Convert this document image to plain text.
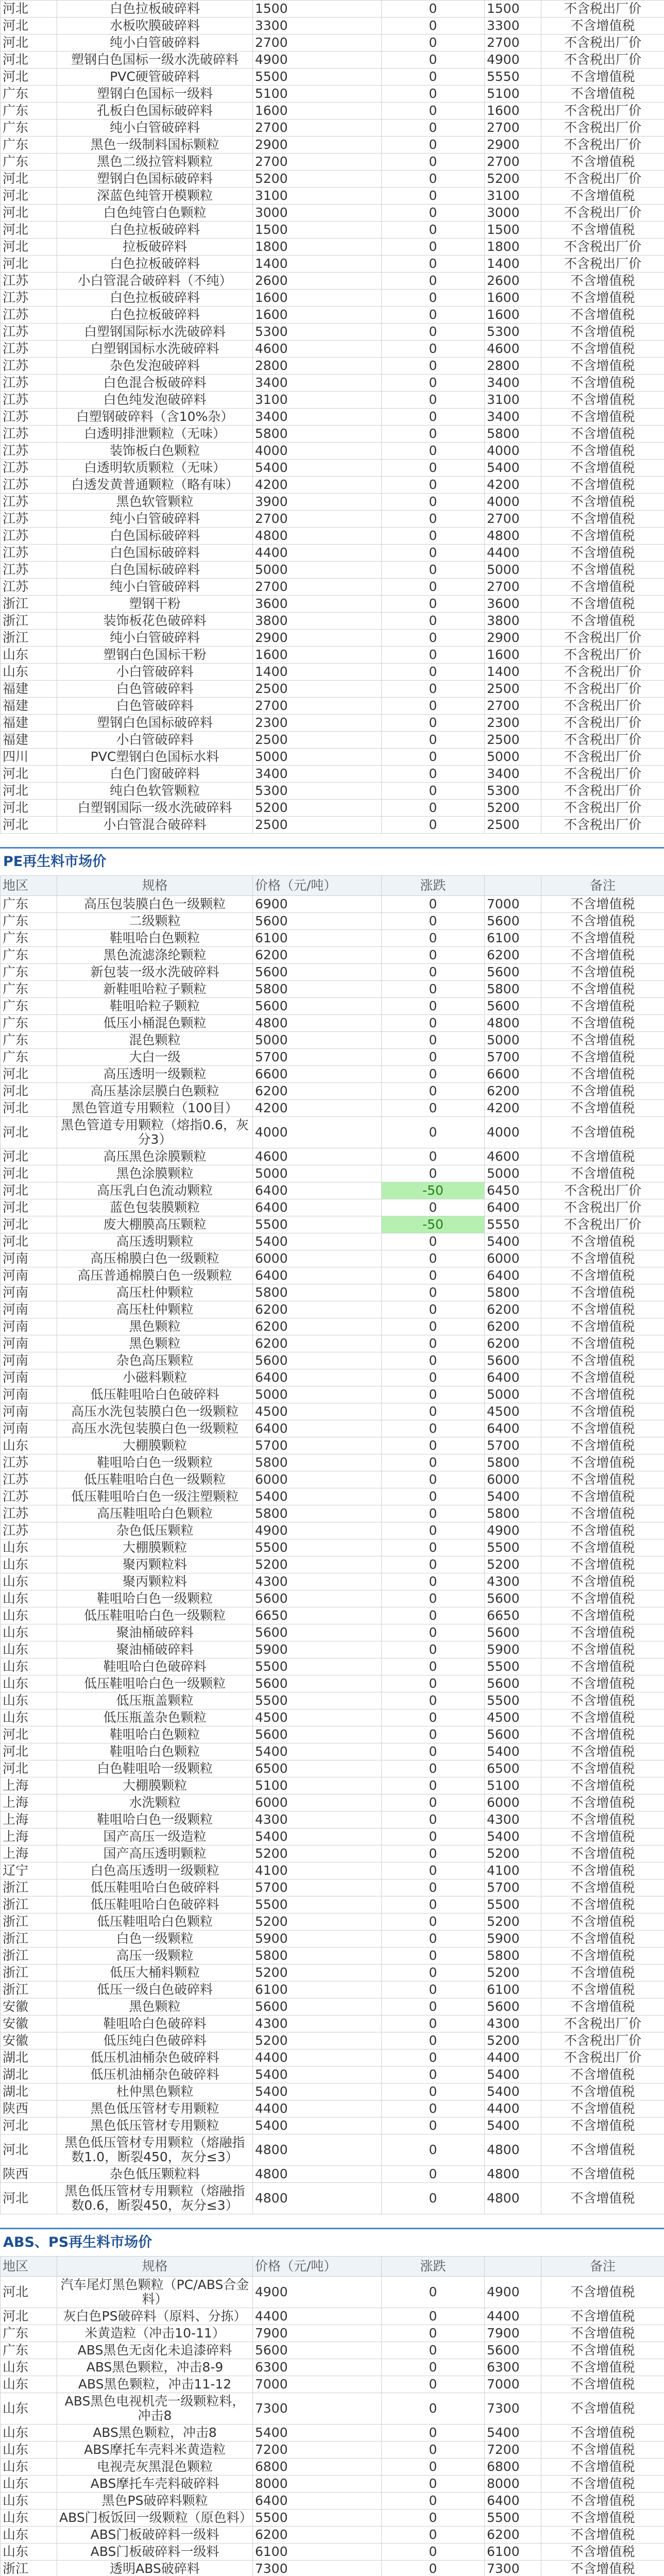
河北	白色拉板破碎料	1500	0	1500	不含税出厂价
河北	水板吹膜破碎料	3300	0	3300	不含增值税
河北	纯小白管破碎料	2700	0	2700	不含税出厂价
河北	塑钢白色国标一级水洗破碎料	4900	0	4900	不含税出厂价
河北	PVC硬管破碎料	5500	0	5550	不含增值税
广东	塑钢白色国标一级料	5100	0	5100	不含增值税
广东	孔板白色国标破碎料	1600	0	1600	不含税出厂价
广东	纯小白管破碎料	2700	0	2700	不含税出厂价
广东	黑色一级制料国标颗粒	2900	0	2900	不含税出厂价
广东	黑色二级拉管料颗粒	2700	0	2700	不含增值税
河北	塑钢白色国标破碎料	5200	0	5200	不含税出厂价
河北	深蓝色纯管开模颗粒	3100	0	3100	不含增值税
河北	白色纯管白色颗粒	3000	0	3000	不含税出厂价
河北	白色拉板破碎料	1500	0	1500	不含增值税
河北	拉板破碎料	1800	0	1800	不含税出厂价
河北	白色拉板破碎料	1400	0	1400	不含税出厂价
江苏	小白管混合破碎料（不纯）	2600	0	2600	不含增值税
江苏	白色拉板破碎料	1600	0	1600	不含增值税
江苏	白色拉板破碎料	1600	0	1600	不含增值税
江苏	白塑钢国际标水洗破碎料	5300	0	5300	不含增值税
江苏	白塑钢国标水洗破碎料	4600	0	4600	不含增值税
江苏	杂色发泡破碎料	2800	0	2800	不含增值税
江苏	白色混合板破碎料	3400	0	3400	不含增值税
江苏	白色纯发泡破碎料	3100	0	3100	不含增值税
江苏	白塑钢破碎料（含10%杂）	3400	0	3400	不含增值税
江苏	白透明排泄颗粒（无味）	5800	0	5800	不含增值税
江苏	装饰板白色颗粒	4000	0	4000	不含增值税
江苏	白透明软质颗粒（无味）	5400	0	5400	不含增值税
江苏	白透发黄普通颗粒（略有味）	4200	0	4200	不含增值税
江苏	黑色软管颗粒	3900	0	4000	不含增值税
江苏	纯小白管破碎料	2700	0	2700	不含增值税
江苏	白色国标破碎料	4800	0	4800	不含增值税
江苏	白色国标破碎料	4400	0	4400	不含增值税
江苏	白色国标破碎料	5000	0	5000	不含增值税
江苏	纯小白管破碎料	2700	0	2700	不含增值税
浙江	塑钢干粉	3600	0	3600	不含增值税
浙江	装饰板花色破碎料	3800	0	3800	不含增值税
浙江	纯小白管破碎料	2900	0	2900	不含税出厂价
山东	塑钢白色国标干粉	1600	0	1600	不含税出厂价
山东	小白管破碎料	1400	0	1400	不含税出厂价
福建	白色管破碎料	2500	0	2500	不含税出厂价
福建	白色管破碎料	2700	0	2700	不含税出厂价
福建	塑钢白色国标破碎料	2300	0	2300	不含税出厂价
福建	小白管破碎料	2500	0	2500	不含税出厂价
四川	PVC塑钢白色国标水料	5000	0	5000	不含税出厂价
河北	白色门窗破碎料	3400	0	3400	不含税出厂价
河北	纯白色软管颗粒	5300	0	5300	不含税出厂价
河北	白塑钢国际一级水洗破碎料	5200	0	5200	不含税出厂价
河北	小白管混合破碎料	2500	0	2500	不含税出厂价
PE再生料市场价
地区	规格	价格（元/吨）	涨跌		备注
广东	高压包装膜白色一级颗粒	6900	0	7000	不含增值税
广东	二级颗粒	5600	0	5600	不含增值税
广东	鞋咀哈白色颗粒	6100	0	6100	不含增值税
广东	黑色流滤涤纶颗粒	6200	0	6200	不含增值税
广东	新包装一级水洗破碎料	5600	0	5600	不含增值税
广东	新鞋咀哈粒子颗粒	5800	0	5800	不含增值税
广东	鞋咀哈粒子颗粒	5600	0	5600	不含增值税
广东	低压小桶混色颗粒	4800	0	4800	不含增值税
广东	混色颗粒	5000	0	5000	不含增值税
广东	大白一级	5700	0	5700	不含增值税
河北	高压透明一级颗粒	6600	0	6600	不含增值税
河北	高压基涂层膜白色颗粒	6200	0	6200	不含增值税
河北	黑色管道专用颗粒（100目）	4200	0	4200	不含增值税
河北	黑色管道专用颗粒（熔指0.6，灰分3）	4000	0	4000	不含增值税
河北	高压黑色涂膜颗粒	4600	0	4600	不含增值税
河北	黑色涂膜颗粒	5000	0	5000	不含增值税
河北	高压乳白色流动颗粒	6400	-50	6450	不含税出厂价
河北	蓝色包装膜颗粒	6400	0	6400	不含税出厂价
河北	废大棚膜高压颗粒	5500	-50	5550	不含税出厂价
河北	高压透明颗粒	5400	0	5400	不含增值税
河南	高压棉膜白色一级颗粒	6000	0	6000	不含增值税
河南	高压普通棉膜白色一级颗粒	6400	0	6400	不含增值税
河南	高压杜仲颗粒	5800	0	5800	不含增值税
河南	高压杜仲颗粒	6200	0	6200	不含增值税
河南	黑色颗粒	6200	0	6200	不含增值税
河南	黑色颗粒	6200	0	6200	不含增值税
河南	杂色高压颗粒	5600	0	5600	不含增值税
河南	小磁料颗粒	6400	0	6400	不含增值税
河南	低压鞋咀哈白色破碎料	5000	0	5000	不含增值税
河南	高压水洗包装膜白色一级颗粒	4500	0	4500	不含增值税
河南	高压水洗包装膜白色一级颗粒	6400	0	6400	不含增值税
山东	大棚膜颗粒	5700	0	5700	不含增值税
江苏	鞋咀哈白色一级颗粒	5800	0	5800	不含增值税
江苏	低压鞋咀哈白色一级颗粒	6000	0	6000	不含增值税
江苏	低压鞋咀哈白色一级注塑颗粒	5400	0	5400	不含增值税
江苏	高压鞋咀哈白色颗粒	5800	0	5800	不含增值税
江苏	杂色低压颗粒	4900	0	4900	不含增值税
山东	大棚膜颗粒	5500	0	5500	不含增值税
山东	聚丙颗粒料	5200	0	5200	不含增值税
山东	聚丙颗粒料	4300	0	4300	不含增值税
山东	鞋咀哈白色一级颗粒	5600	0	5600	不含增值税
山东	低压鞋咀哈白色一级颗粒	6650	0	6650	不含增值税
山东	聚油桶破碎料	5600	0	5600	不含增值税
山东	聚油桶破碎料	5900	0	5900	不含增值税
山东	鞋咀哈白色破碎料	5500	0	5500	不含增值税
山东	低压鞋咀哈白色一级颗粒	5600	0	5600	不含增值税
山东	低压瓶盖颗粒	5500	0	5500	不含增值税
山东	低压瓶盖杂色颗粒	4500	0	4500	不含增值税
河北	鞋咀哈白色颗粒	5600	0	5600	不含增值税
河北	鞋咀哈白色颗粒	5400	0	5400	不含增值税
河北	白色鞋咀哈一级颗粒	6500	0	6500	不含增值税
上海	大棚膜颗粒	5100	0	5100	不含增值税
上海	水洗颗粒	6000	0	6000	不含增值税
上海	鞋咀哈白色一级颗粒	4300	0	4300	不含增值税
上海	国产高压一级造粒	5400	0	5400	不含增值税
上海	国产高压透明颗粒	5200	0	5200	不含增值税
辽宁	白色高压透明一级颗粒	4100	0	4100	不含增值税
浙江	低压鞋咀哈白色破碎料	5700	0	5700	不含增值税
浙江	低压鞋咀哈白色破碎料	5500	0	5500	不含增值税
浙江	低压鞋咀哈白色颗粒	5200	0	5200	不含增值税
浙江	白色一级颗粒	5900	0	5900	不含增值税
浙江	高压一级颗粒	5800	0	5800	不含增值税
浙江	低压大桶料颗粒	5200	0	5200	不含增值税
浙江	低压一级白色破碎料	6100	0	6100	不含增值税
安徽	黑色颗粒	5600	0	5600	不含增值税
安徽	鞋咀哈白色破碎料	4300	0	4300	不含税出厂价
安徽	低压纯白色破碎料	5200	0	5200	不含税出厂价
湖北	低压机油桶杂色破碎料	4400	0	4400	不含税出厂价
湖北	低压机油桶杂色破碎料	5400	0	5400	不含增值税
湖北	杜仲黑色颗粒	5400	0	5400	不含增值税
陕西	黑色低压管材专用颗粒	4400	0	4400	不含增值税
河北	黑色低压管材专用颗粒	5400	0	5400	不含增值税
河北	黑色低压管材专用颗粒（熔融指数1.0，断裂450，灰分≤3）	4800	0	4800	不含增值税
陕西	杂色低压颗粒料	4800	0	4800	不含增值税
河北	黑色低压管材专用颗粒（熔融指数0.6，断裂450，灰分≤3）	4800	0	4800	不含增值税
ABS、PS再生料市场价
地区	规格	价格（元/吨）	涨跌		备注
河北	汽车尾灯黑色颗粒（PC/ABS合金料）	4900	0	4900	不含增值税
河北	灰白色PS破碎料（原料、分拣）	4400	0	4400	不含增值税
广东	米黄造粒（冲击10-11）	7900	0	7900	不含增值税
广东	ABS黑色无卤化未追漆碎料	5600	0	5600	不含增值税
山东	ABS黑色颗粒，冲击8-9	6300	0	6300	不含增值税
山东	ABS黑色颗粒，冲击11-12	7000	0	7000	不含增值税
山东	ABS黑色电视机壳一级颗粒料，冲击8	7300	0	7300	不含增值税
山东	ABS黑色颗粒，冲击8	5400	0	5400	不含增值税
山东	ABS摩托车壳料米黄造粒	7200	0	7200	不含增值税
山东	电视壳灰黑混色颗粒	6800	0	6800	不含增值税
山东	ABS摩托车壳料破碎料	8000	0	8000	不含增值税
山东	黑色PS破碎料颗粒	6400	0	6400	不含增值税
山东	ABS门板饭回一级颗粒（原色料）	5500	0	5500	不含增值税
山东	ABS门板破碎料一级料	6200	0	6200	不含增值税
山东	ABS门板破碎料一级料	6100	0	6100	不含增值税
浙江	透明ABS破碎料	7300	0	7300	不含增值税
